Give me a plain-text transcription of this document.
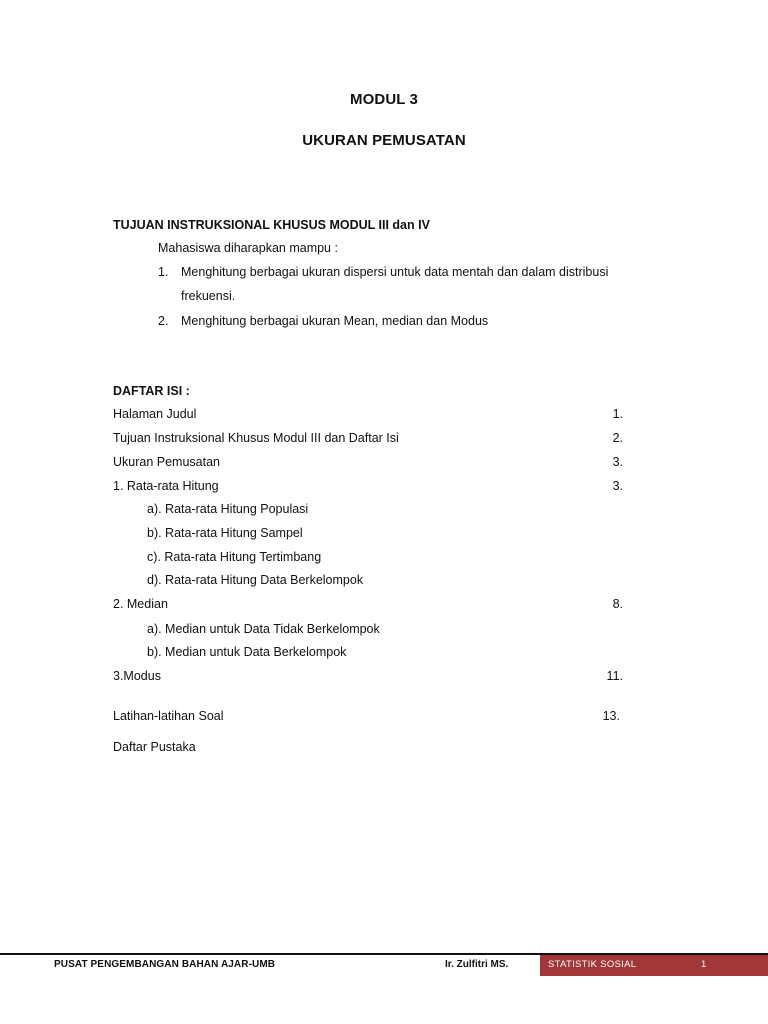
MODUL 3
UKURAN PEMUSATAN
TUJUAN INSTRUKSIONAL KHUSUS MODUL III dan IV
Mahasiswa diharapkan mampu :
1. Menghitung berbagai ukuran dispersi untuk data mentah dan dalam distribusi
frekuensi.
2. Menghitung berbagai ukuran Mean, median dan Modus
DAFTAR ISI :
Halaman Judul	1.
Tujuan Instruksional Khusus Modul III dan Daftar Isi	2.
Ukuran Pemusatan	3.
1. Rata-rata Hitung	3.
a). Rata-rata Hitung Populasi
b). Rata-rata Hitung Sampel
c). Rata-rata Hitung Tertimbang
d). Rata-rata Hitung Data Berkelompok
2. Median	8.
a). Median untuk Data Tidak Berkelompok
b). Median untuk Data Berkelompok
3.Modus	11.
Latihan-latihan Soal	13.
Daftar Pustaka
PUSAT PENGEMBANGAN BAHAN AJAR-UMB	Ir. Zulfitri MS.	STATISTIK SOSIAL	1
